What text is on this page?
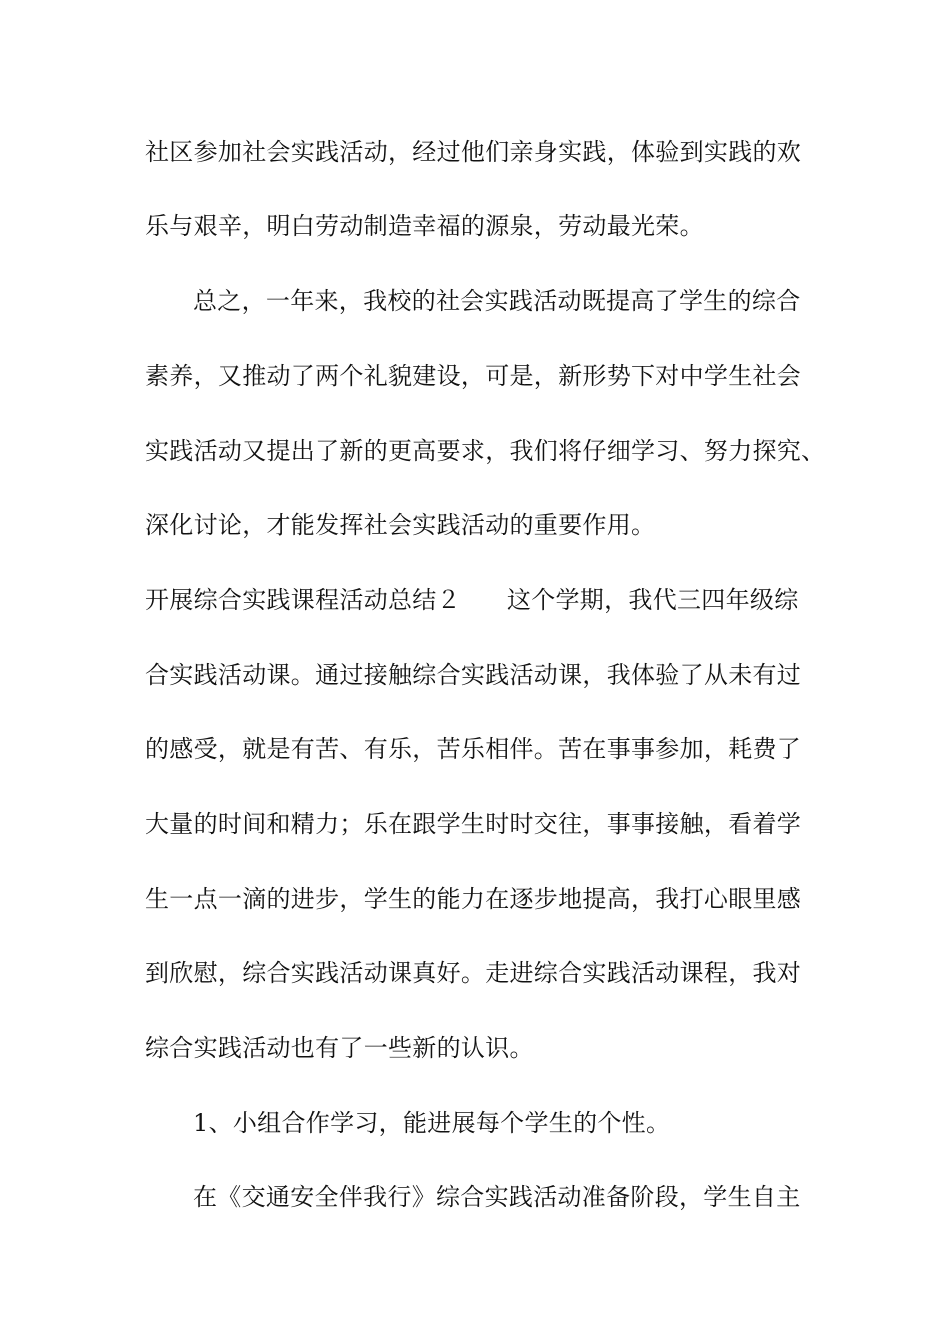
社区参加社会实践活动，经过他们亲身实践，体验到实践的欢
乐与艰辛，明白劳动制造幸福的源泉，劳动最光荣。
总之，一年来，我校的社会实践活动既提高了学生的综合
素养，又推动了两个礼貌建设，可是，新形势下对中学生社会
实践活动又提出了新的更高要求，我们将仔细学习、努力探究、
深化讨论，才能发挥社会实践活动的重要作用。
开展综合实践课程活动总结２ 这个学期，我代三四年级综
合实践活动课。通过接触综合实践活动课，我体验了从未有过
的感受，就是有苦、有乐，苦乐相伴。苦在事事参加，耗费了
大量的时间和精力；乐在跟学生时时交往，事事接触，看着学
生一点一滴的进步，学生的能力在逐步地提高，我打心眼里感
到欣慰，综合实践活动课真好。走进综合实践活动课程，我对
综合实践活动也有了一些新的认识。
1、小组合作学习，能进展每个学生的个性。
在《交通安全伴我行》综合实践活动准备阶段，学生自主
